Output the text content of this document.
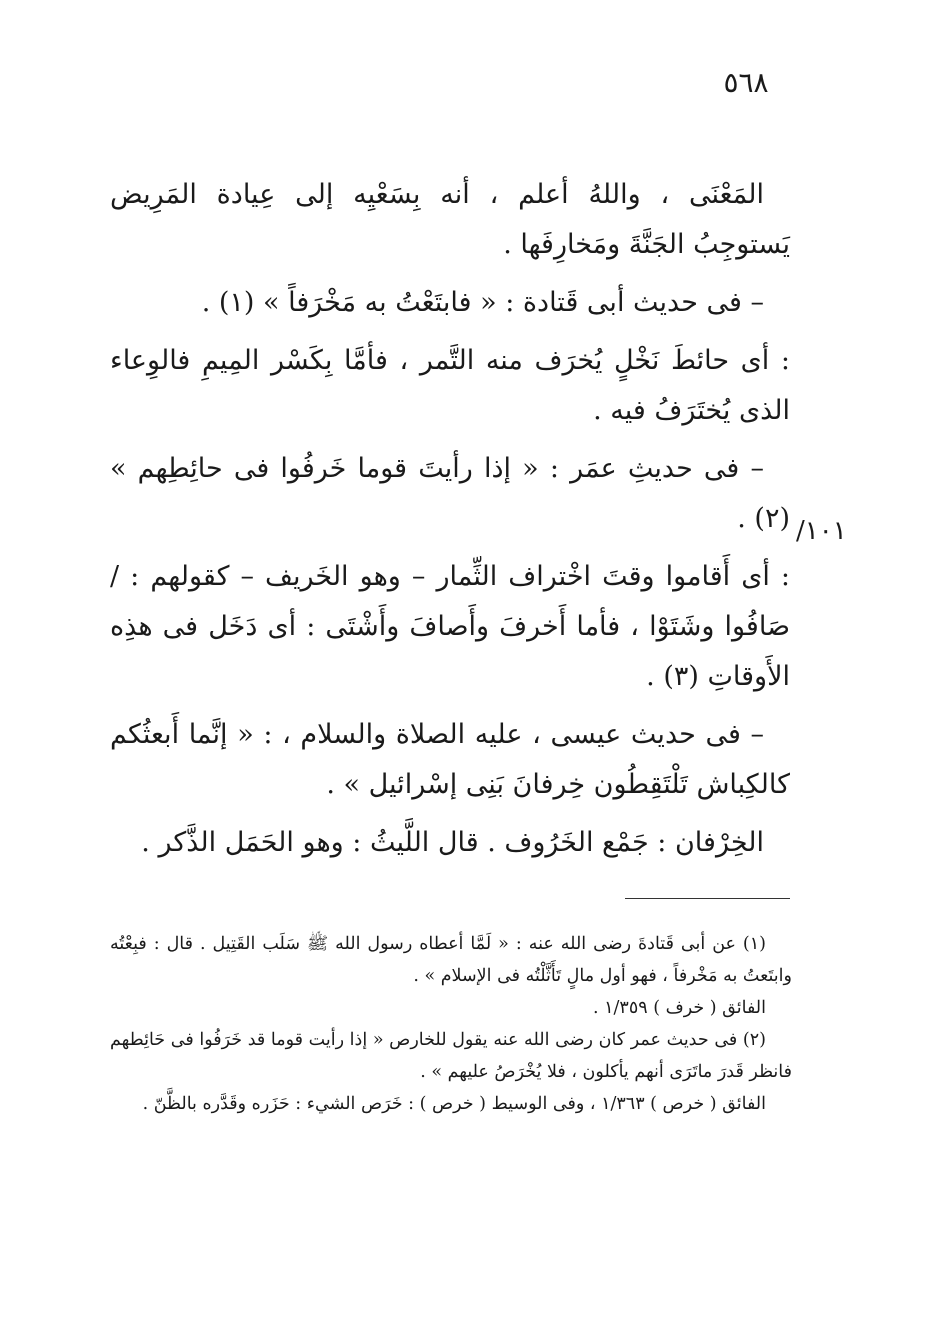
٥٦٨
/١٠١

المَعْنَى ، واللهُ أعلم ، أنه بِسَعْيِه إلى عِيادة المَرِيض يَستوجِبُ الجَنَّةَ ومَخارِفَها .

– فى حديث أبى قَتادة : « فابتَعْتُ به مَخْرَفاً » (١) .

: أى حائطَ نَخْلٍ يُخرَف منه التَّمر ، فأمَّا بِكَسْر المِيمِ فالوِعاء الذى يُختَرَفُ فيه .

– فى حديثِ عمَر : « إذا رأيتَ قوما خَرفُوا فى حائِطِهم » (٢) .

: أى أَقاموا وقتَ اخْتراف الثِّمار – وهو الخَريف – كقولهم : / صَافُوا وشَتَوْا ، فأما أَخرفَ وأَصافَ وأَشْتَى : أى دَخَل فى هذِه الأَوقاتِ (٣) .

– فى حديث عيسى ، عليه الصلاة والسلام ، : « إنَّما أَبعثُكم كالكِباش تَلْتَقِطُون خِرفانَ بَنِى إسْرائيل » .

الخِرْفان : جَمْع الخَرُوف . قال اللَّيثُ : وهو الحَمَل الذَّكر .

(١) عن أبى قَتادةَ رضى الله عنه : « لَمَّا أعطاه رسول الله ﷺ سَلَب القَتِيل . قال : فبِعْتُه وابتَعتُ به مَخْرفاً ، فهو أول مالٍ تَأَثَّلْتُه فى الإسلام » .

الفائق ( خرف ) ١/٣٥٩ .

(٢) فى حديث عمر كان رضى الله عنه يقول للخارص « إذا رأيت قوما قد خَرَفُوا فى حَائِطهم فانظر قَدرَ ماتَرَى أنهم يأكلون ، فلا يُخْرَصُ عليهم » .

الفائق ( خرص ) ١/٣٦٣ ، وفى الوسيط ( خرص ) : خَرَص الشيء : حَزَره وقَدَّره بالظَّنّ .
